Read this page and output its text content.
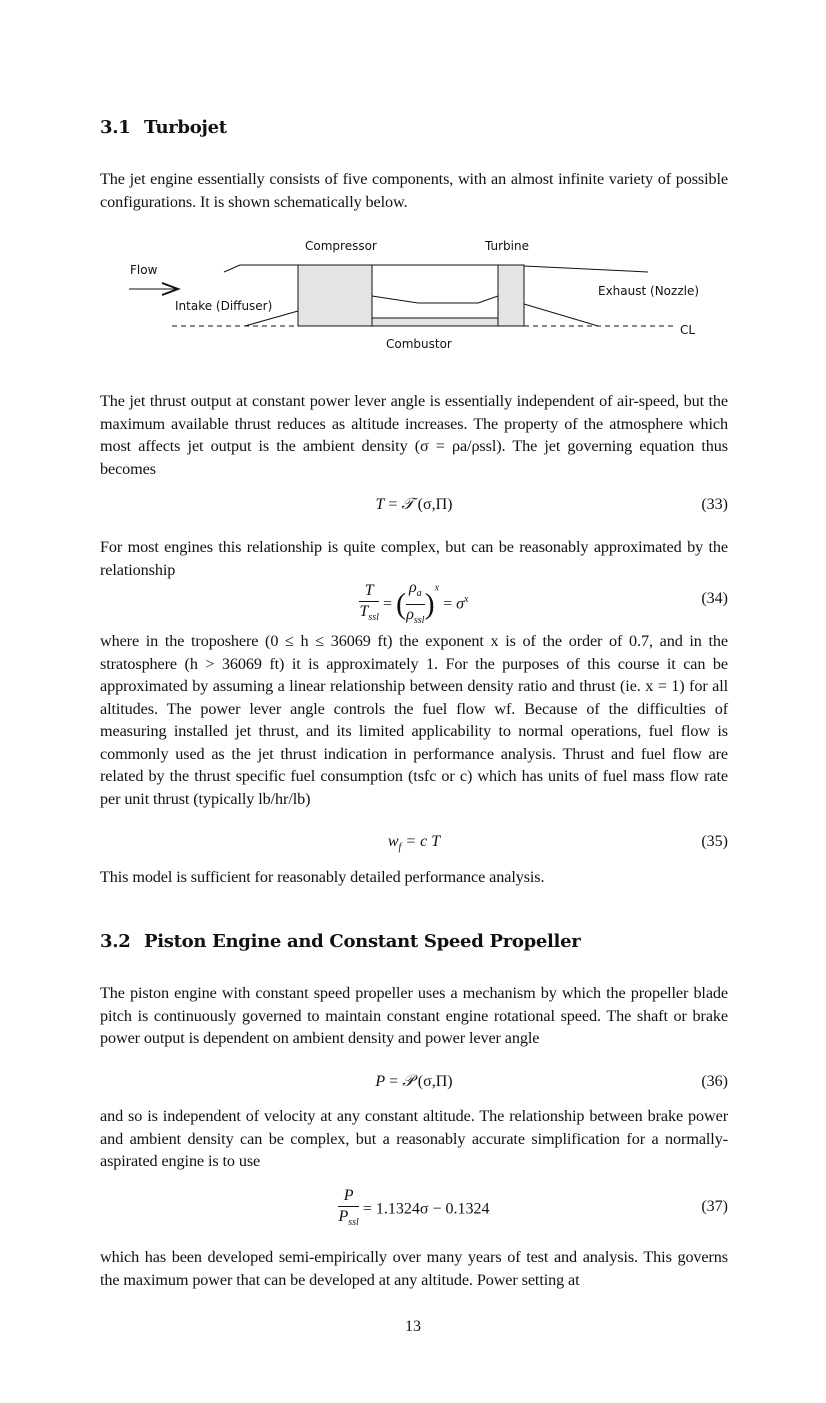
3.1 Turbojet
The jet engine essentially consists of five components, with an almost infinite variety of possible configurations. It is shown schematically below.
Compressor	Turbine
Flow
Intake (Diffuser)
Exhaust (Nozzle)
CL
Combustor
The jet thrust output at constant power lever angle is essentially independent of air-speed, but the maximum available thrust reduces as altitude increases. The property of the atmosphere which most affects jet output is the ambient density (σ = ρa/ρssl). The jet governing equation thus becomes
T = 𝒯 (σ,Π)	(33)
For most engines this relationship is quite complex, but can be reasonably approximated by the relationship
$\frac{T}{T_{ssl}}$ = ( $\frac{\rho_a}{\rho_{ssl}} )^x = \sigma^x$	(34)
where in the troposhere (0 ≤ h ≤ 36069 ft) the exponent x is of the order of 0.7, and in the stratosphere (h > 36069 ft) it is approximately 1. For the purposes of this course it can be approximated by assuming a linear relationship between density ratio and thrust (ie. x = 1) for all altitudes. The power lever angle controls the fuel flow wf. Because of the difficulties of measuring installed jet thrust, and its limited applicability to normal operations, fuel flow is commonly used as the jet thrust indication in performance analysis. Thrust and fuel flow are related by the thrust specific fuel consumption (tsfc or c) which has units of fuel mass flow rate per unit thrust (typically lb/hr/lb)
$w_f = c$ T	(35)
This model is sufficient for reasonably detailed performance analysis.
3.2 Piston Engine and Constant Speed Propeller
The piston engine with constant speed propeller uses a mechanism by which the propeller blade pitch is continuously governed to maintain constant engine rotational speed. The shaft or brake power output is dependent on ambient density and power lever angle
P = 𝒫 (σ,Π)	(36)
and so is independent of velocity at any constant altitude. The relationship between brake power and ambient density can be complex, but a reasonably accurate simplification for a normally-aspirated engine is to use
$\frac{P}{P_{ssl}} = 1.1324\sigma - 0.1324$	(37)
which has been developed semi-empirically over many years of test and analysis. This governs the maximum power that can be developed at any altitude. Power setting at
13
